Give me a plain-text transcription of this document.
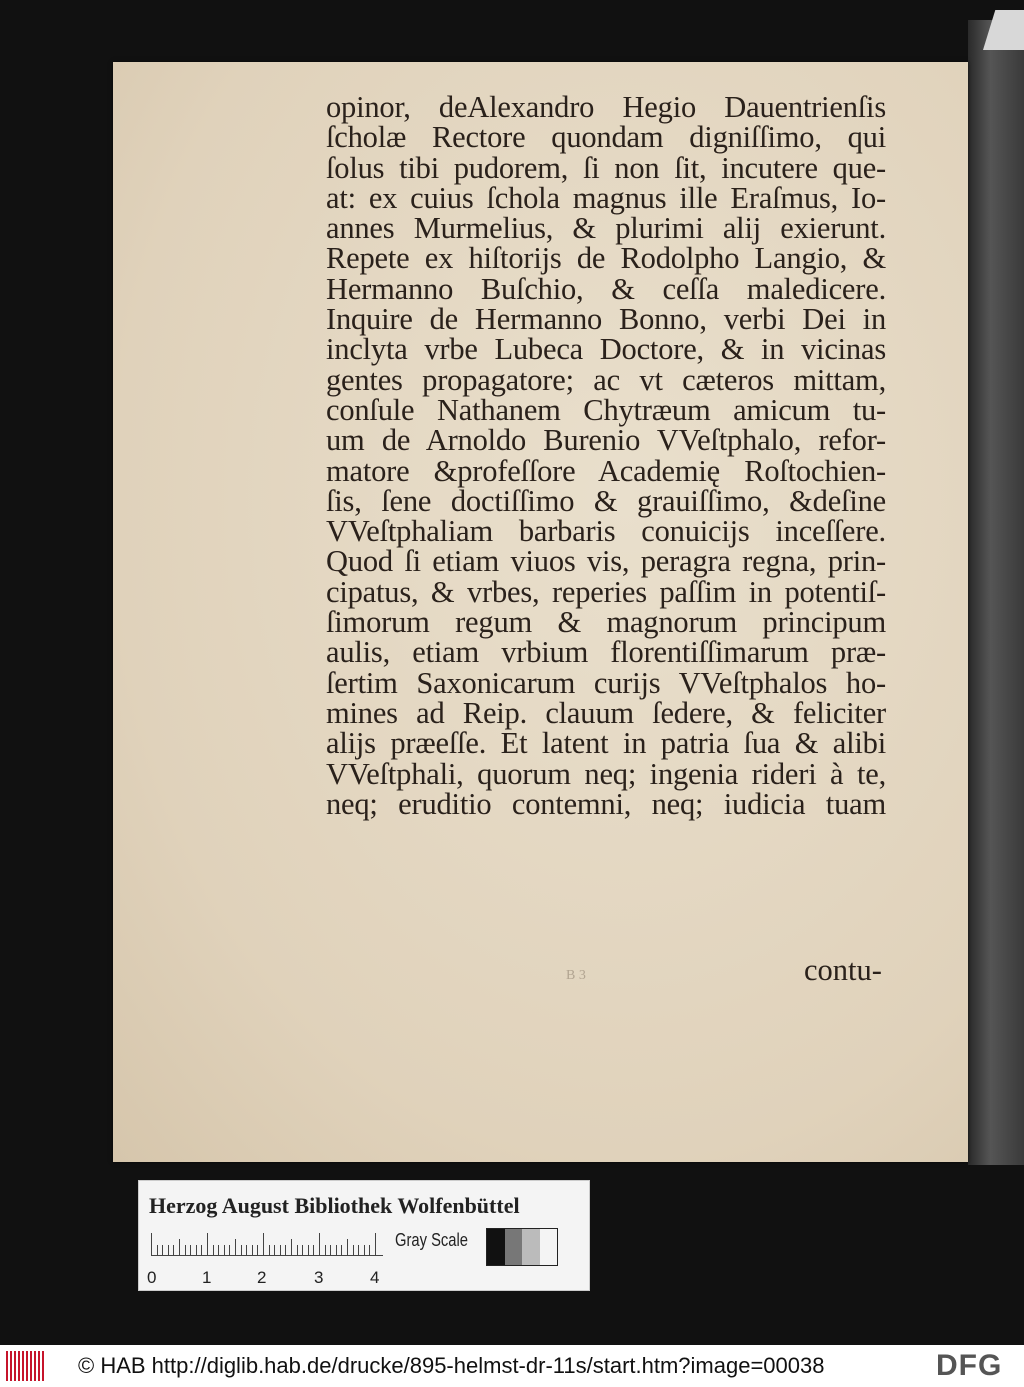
opinor, deAlexandro Hegio Dauentrienſis
ſcholæ Rectore quondam digniſſimo, qui
ſolus tibi pudorem, ſi non ſit, incutere que-
at: ex cuius ſchola magnus ille Eraſmus, Io-
annes Murmelius, & plurimi alij exierunt.
Repete ex hiſtorijs de Rodolpho Langio, &
Hermanno Buſchio, & ceſſa maledicere.
Inquire de Hermanno Bonno, verbi Dei in
inclyta vrbe Lubeca Doctore, & in vicinas
gentes propagatore; ac vt cæteros mittam,
conſule Nathanem Chytræum amicum tu-
um de Arnoldo Burenio VVeſtphalo, refor-
matore &profeſſore Academię Roſtochien-
ſis, ſene doctiſſimo & grauiſſimo, &deſine
VVeſtphaliam barbaris conuicijs inceſſere.
Quod ſi etiam viuos vis, peragra regna, prin-
cipatus, & vrbes, reperies paſſim in potentiſ-
ſimorum regum & magnorum principum
aulis, etiam vrbium florentiſſimarum præ-
ſertim Saxonicarum curijs VVeſtphalos ho-
mines ad Reip. clauum ſedere, & feliciter
alijs præeſſe. Et latent in patria ſua & alibi
VVeſtphali, quorum neq; ingenia rideri à te,
neq; eruditio contemni, neq; iudicia tuam
B 3	contu-
Herzog August Bibliothek Wolfenbüttel
0	1	2	3	4
Gray Scale
© HAB http://diglib.hab.de/drucke/895-helmst-dr-11s/start.htm?image=00038	DFG
